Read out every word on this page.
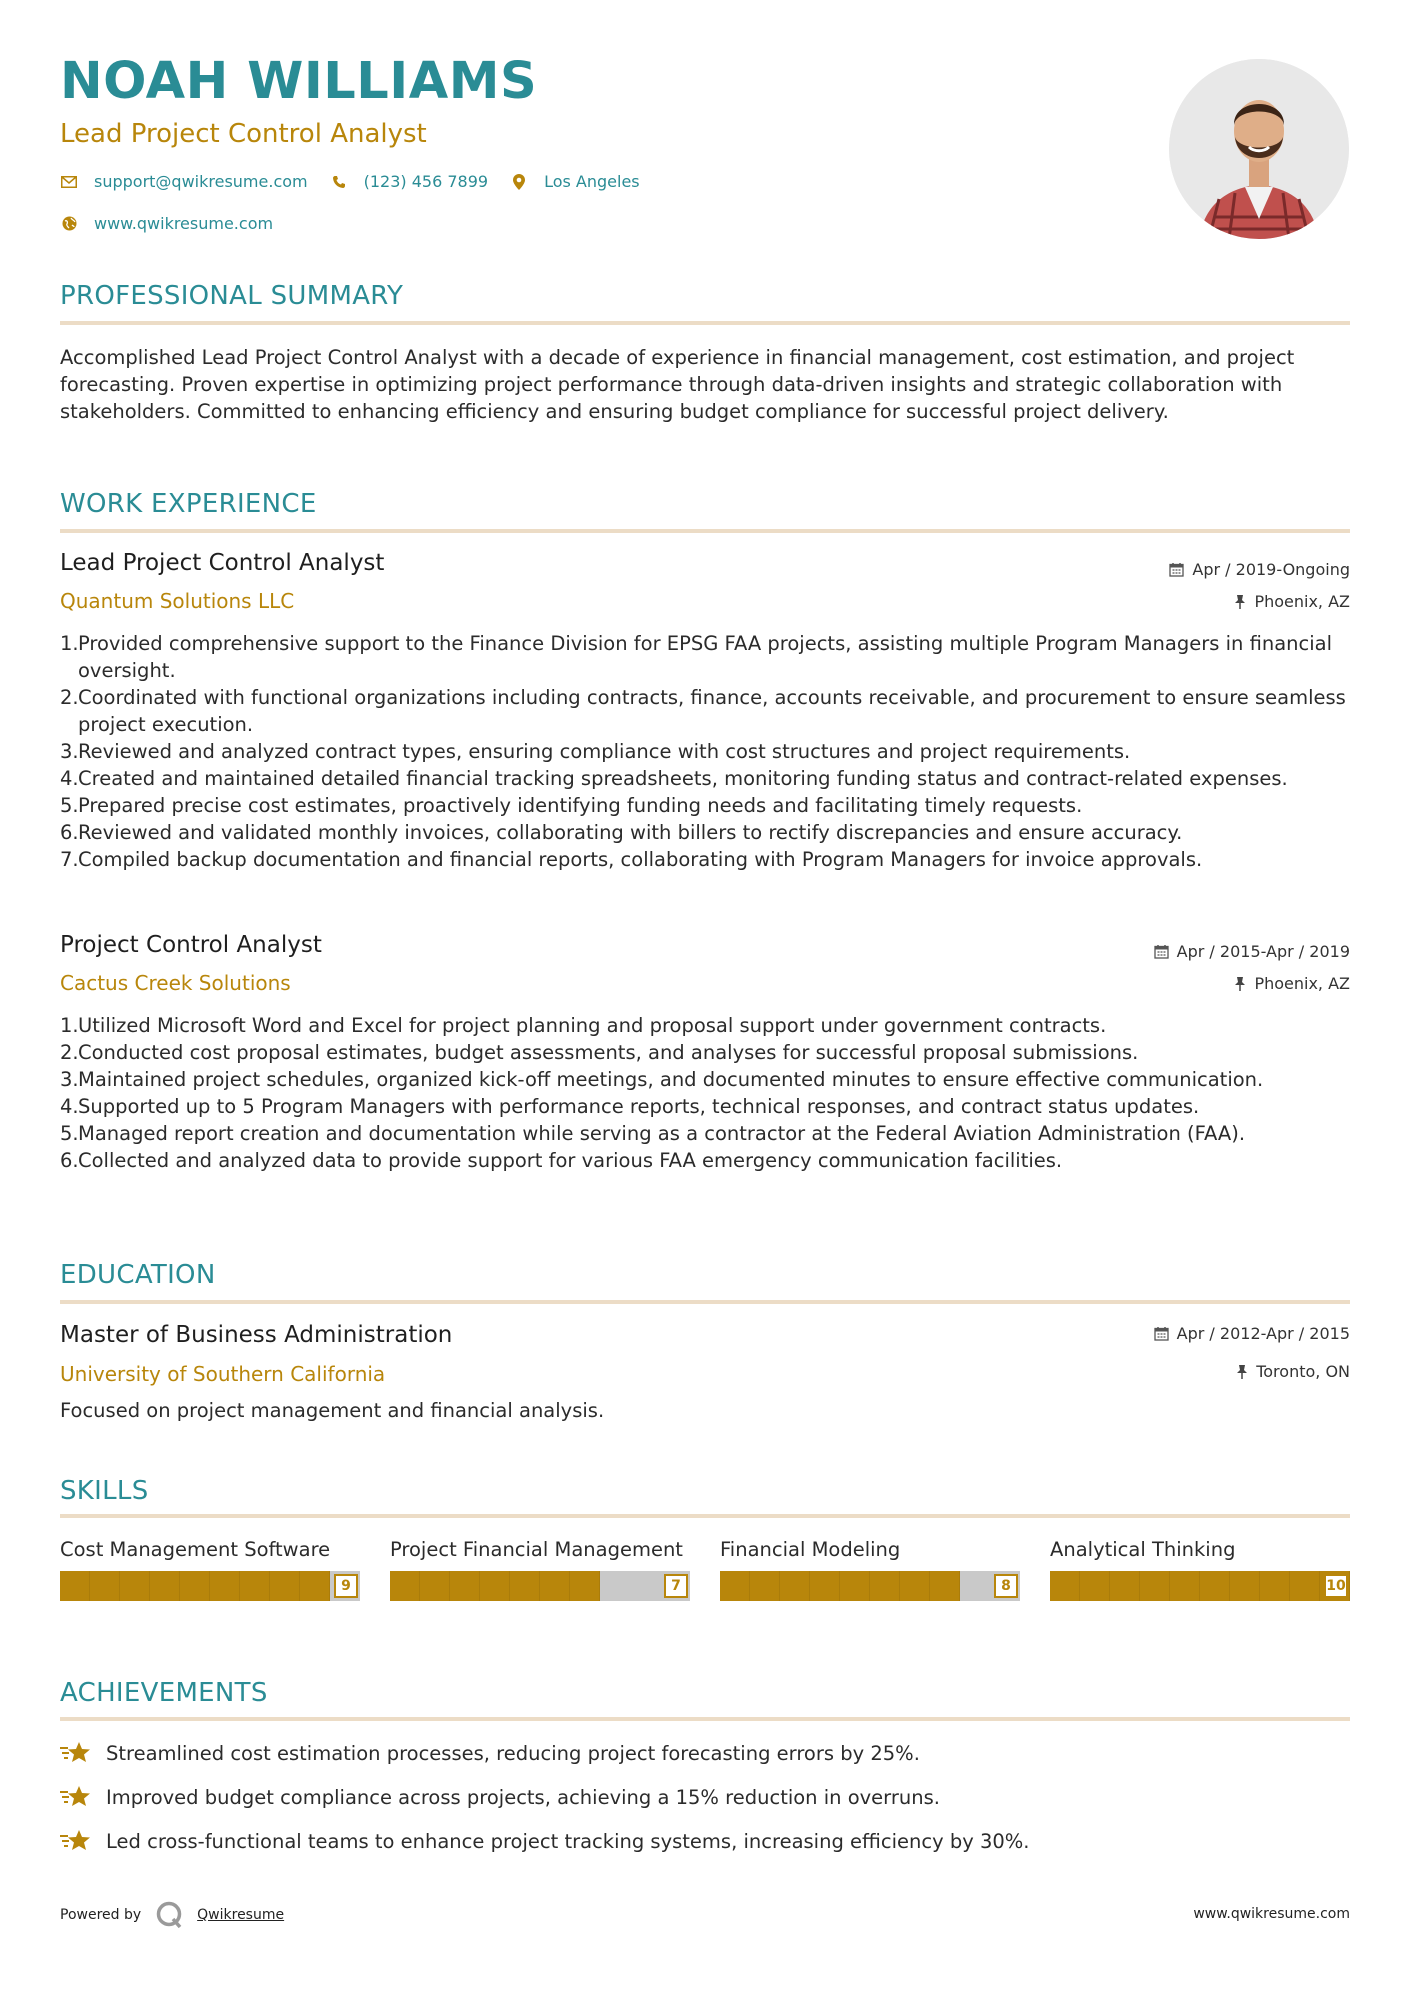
NOAH WILLIAMS
Lead Project Control Analyst
support@qwikresume.com	(123) 456 7899	Los Angeles
www.qwikresume.com
PROFESSIONAL SUMMARY
Accomplished Lead Project Control Analyst with a decade of experience in financial management, cost estimation, and project forecasting. Proven expertise in optimizing project performance through data-driven insights and strategic collaboration with stakeholders. Committed to enhancing efficiency and ensuring budget compliance for successful project delivery.
WORK EXPERIENCE
Lead Project Control Analyst	Apr / 2019-Ongoing
Quantum Solutions LLC	Phoenix, AZ
Provided comprehensive support to the Finance Division for EPSG FAA projects, assisting multiple Program Managers in financial oversight.
Coordinated with functional organizations including contracts, finance, accounts receivable, and procurement to ensure seamless project execution.
Reviewed and analyzed contract types, ensuring compliance with cost structures and project requirements.
Created and maintained detailed financial tracking spreadsheets, monitoring funding status and contract-related expenses.
Prepared precise cost estimates, proactively identifying funding needs and facilitating timely requests.
Reviewed and validated monthly invoices, collaborating with billers to rectify discrepancies and ensure accuracy.
Compiled backup documentation and financial reports, collaborating with Program Managers for invoice approvals.
Project Control Analyst	Apr / 2015-Apr / 2019
Cactus Creek Solutions	Phoenix, AZ
Utilized Microsoft Word and Excel for project planning and proposal support under government contracts.
Conducted cost proposal estimates, budget assessments, and analyses for successful proposal submissions.
Maintained project schedules, organized kick-off meetings, and documented minutes to ensure effective communication.
Supported up to 5 Program Managers with performance reports, technical responses, and contract status updates.
Managed report creation and documentation while serving as a contractor at the Federal Aviation Administration (FAA).
Collected and analyzed data to provide support for various FAA emergency communication facilities.
EDUCATION
Master of Business Administration	Apr / 2012-Apr / 2015
University of Southern California	Toronto, ON
Focused on project management and financial analysis.
SKILLS
Cost Management Software
9
Project Financial Management
7
Financial Modeling
8
Analytical Thinking
10
ACHIEVEMENTS
Streamlined cost estimation processes, reducing project forecasting errors by 25%.
Improved budget compliance across projects, achieving a 15% reduction in overruns.
Led cross-functional teams to enhance project tracking systems, increasing efficiency by 30%.
Powered by	Qwikresume	www.qwikresume.com
